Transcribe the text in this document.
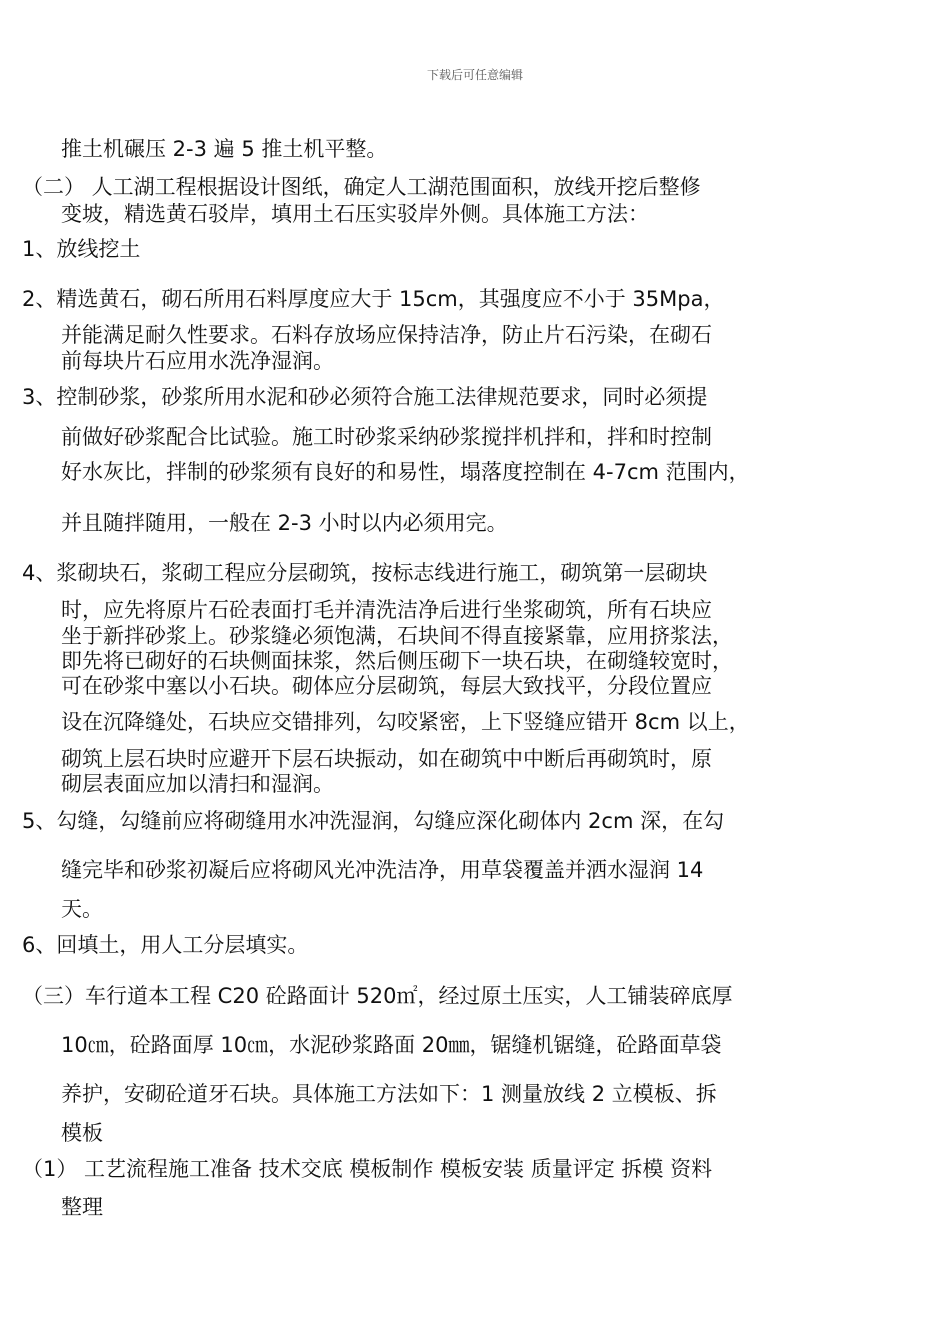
下载后可任意编辑
推土机碾压 2-3 遍 5 推土机平整。
（二） 人工湖工程根据设计图纸，确定人工湖范围面积，放线开挖后整修
变坡，精选黄石驳岸，填用土石压实驳岸外侧。具体施工方法：
1、放线挖土
2、精选黄石，砌石所用石料厚度应大于 15cm，其强度应不小于 35Mpa，
并能满足耐久性要求。石料存放场应保持洁净，防止片石污染，在砌石
前每块片石应用水洗净湿润。
3、控制砂浆，砂浆所用水泥和砂必须符合施工法律规范要求，同时必须提
前做好砂浆配合比试验。施工时砂浆采纳砂浆搅拌机拌和，拌和时控制
好水灰比，拌制的砂浆须有良好的和易性，塌落度控制在 4-7cm 范围内，
并且随拌随用，一般在 2-3 小时以内必须用完。
4、浆砌块石，浆砌工程应分层砌筑，按标志线进行施工，砌筑第一层砌块
时，应先将原片石砼表面打毛并清洗洁净后进行坐浆砌筑，所有石块应
坐于新拌砂浆上。砂浆缝必须饱满，石块间不得直接紧靠，应用挤浆法，
即先将已砌好的石块侧面抹浆，然后侧压砌下一块石块，在砌缝较宽时，
可在砂浆中塞以小石块。砌体应分层砌筑，每层大致找平，分段位置应
设在沉降缝处，石块应交错排列，勾咬紧密，上下竖缝应错开 8cm 以上，
砌筑上层石块时应避开下层石块振动，如在砌筑中中断后再砌筑时，原
砌层表面应加以清扫和湿润。
5、勾缝，勾缝前应将砌缝用水冲洗湿润，勾缝应深化砌体内 2cm 深，在勾
缝完毕和砂浆初凝后应将砌风光冲洗洁净，用草袋覆盖并洒水湿润 14
天。
6、回填土，用人工分层填实。
（三）车行道本工程 C20 砼路面计 520㎡，经过原土压实，人工铺装碎底厚
10㎝，砼路面厚 10㎝，水泥砂浆路面 20㎜，锯缝机锯缝，砼路面草袋
养护，安砌砼道牙石块。具体施工方法如下：1 测量放线 2 立模板、拆
模板
（1） 工艺流程施工准备 技术交底 模板制作 模板安装 质量评定 拆模 资料
整理
